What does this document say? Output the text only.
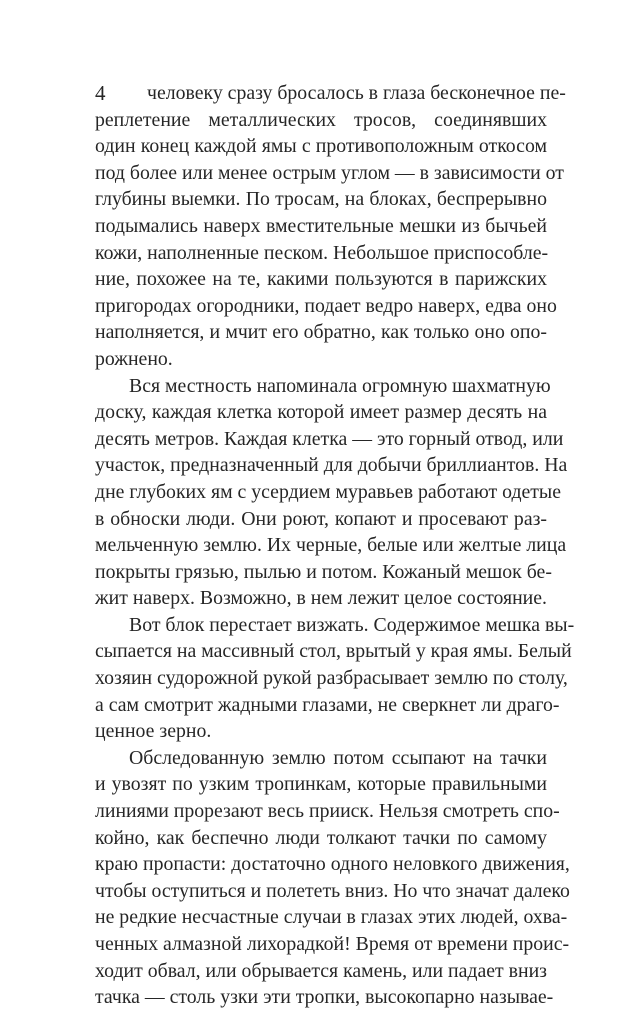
4	человеку сразу бросалось в глаза бесконечное пе-
реплетение металлических тросов, соединявших
один конец каждой ямы с противоположным откосом
под более или менее острым углом — в зависимости от
глубины выемки. По тросам, на блоках, беспрерывно
подымались наверх вместительные мешки из бычьей
кожи, наполненные песком. Небольшое приспособле-
ние, похожее на те, какими пользуются в парижских
пригородах огородники, подает ведро наверх, едва оно
наполняется, и мчит его обратно, как только оно опо-
рожнено.
Вся местность напоминала огромную шахматную
доску, каждая клетка которой имеет размер десять на
десять метров. Каждая клетка — это горный отвод, или
участок, предназначенный для добычи бриллиантов. На
дне глубоких ям с усердием муравьев работают одетые
в обноски люди. Они роют, копают и просевают раз-
мельченную землю. Их черные, белые или желтые лица
покрыты грязью, пылью и потом. Кожаный мешок бе-
жит наверх. Возможно, в нем лежит целое состояние.
Вот блок перестает визжать. Содержимое мешка вы-
сыпается на массивный стол, врытый у края ямы. Белый
хозяин судорожной рукой разбрасывает землю по столу,
а сам смотрит жадными глазами, не сверкнет ли драго-
ценное зерно.
Обследованную землю потом ссыпают на тачки
и увозят по узким тропинкам, которые правильными
линиями прорезают весь прииск. Нельзя смотреть спо-
койно, как беспечно люди толкают тачки по самому
краю пропасти: достаточно одного неловкого движения,
чтобы оступиться и полететь вниз. Но что значат далеко
не редкие несчастные случаи в глазах этих людей, охва-
ченных алмазной лихорадкой! Время от времени проис-
ходит обвал, или обрывается камень, или падает вниз
тачка — столь узки эти тропки, высокопарно называе-
